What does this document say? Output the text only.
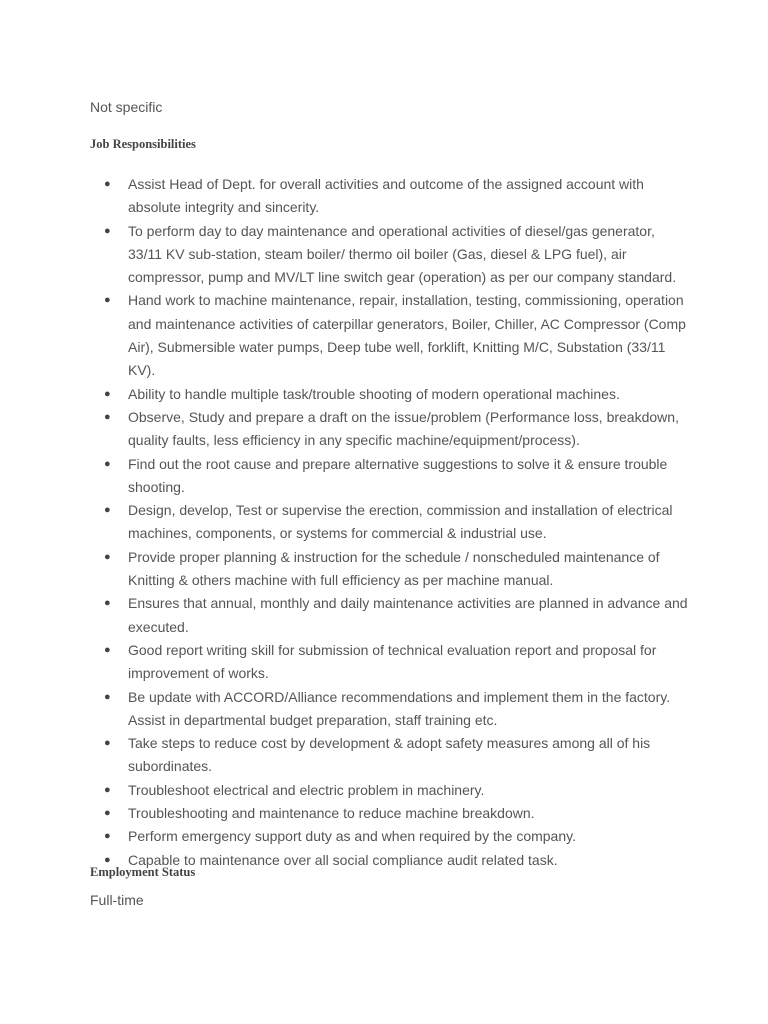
Not specific

Job Responsibilities
● Assist Head of Dept. for overall activities and outcome of the assigned account with absolute integrity and sincerity.
● To perform day to day maintenance and operational activities of diesel/gas generator, 33/11 KV sub-station, steam boiler/ thermo oil boiler (Gas, diesel & LPG fuel), air compressor, pump and MV/LT line switch gear (operation) as per our company standard.
● Hand work to machine maintenance, repair, installation, testing, commissioning, operation and maintenance activities of caterpillar generators, Boiler, Chiller, AC Compressor (Comp Air), Submersible water pumps, Deep tube well, forklift, Knitting M/C, Substation (33/11 KV).
● Ability to handle multiple task/trouble shooting of modern operational machines.
● Observe, Study and prepare a draft on the issue/problem (Performance loss, breakdown, quality faults, less efficiency in any specific machine/equipment/process).
● Find out the root cause and prepare alternative suggestions to solve it & ensure trouble shooting.
● Design, develop, Test or supervise the erection, commission and installation of electrical machines, components, or systems for commercial & industrial use.
● Provide proper planning & instruction for the schedule / nonscheduled maintenance of Knitting & others machine with full efficiency as per machine manual.
● Ensures that annual, monthly and daily maintenance activities are planned in advance and executed.
● Good report writing skill for submission of technical evaluation report and proposal for improvement of works.
● Be update with ACCORD/Alliance recommendations and implement them in the factory. Assist in departmental budget preparation, staff training etc.
● Take steps to reduce cost by development & adopt safety measures among all of his subordinates.
● Troubleshoot electrical and electric problem in machinery.
● Troubleshooting and maintenance to reduce machine breakdown.
● Perform emergency support duty as and when required by the company.
● Capable to maintenance over all social compliance audit related task.
Employment Status

Full-time
